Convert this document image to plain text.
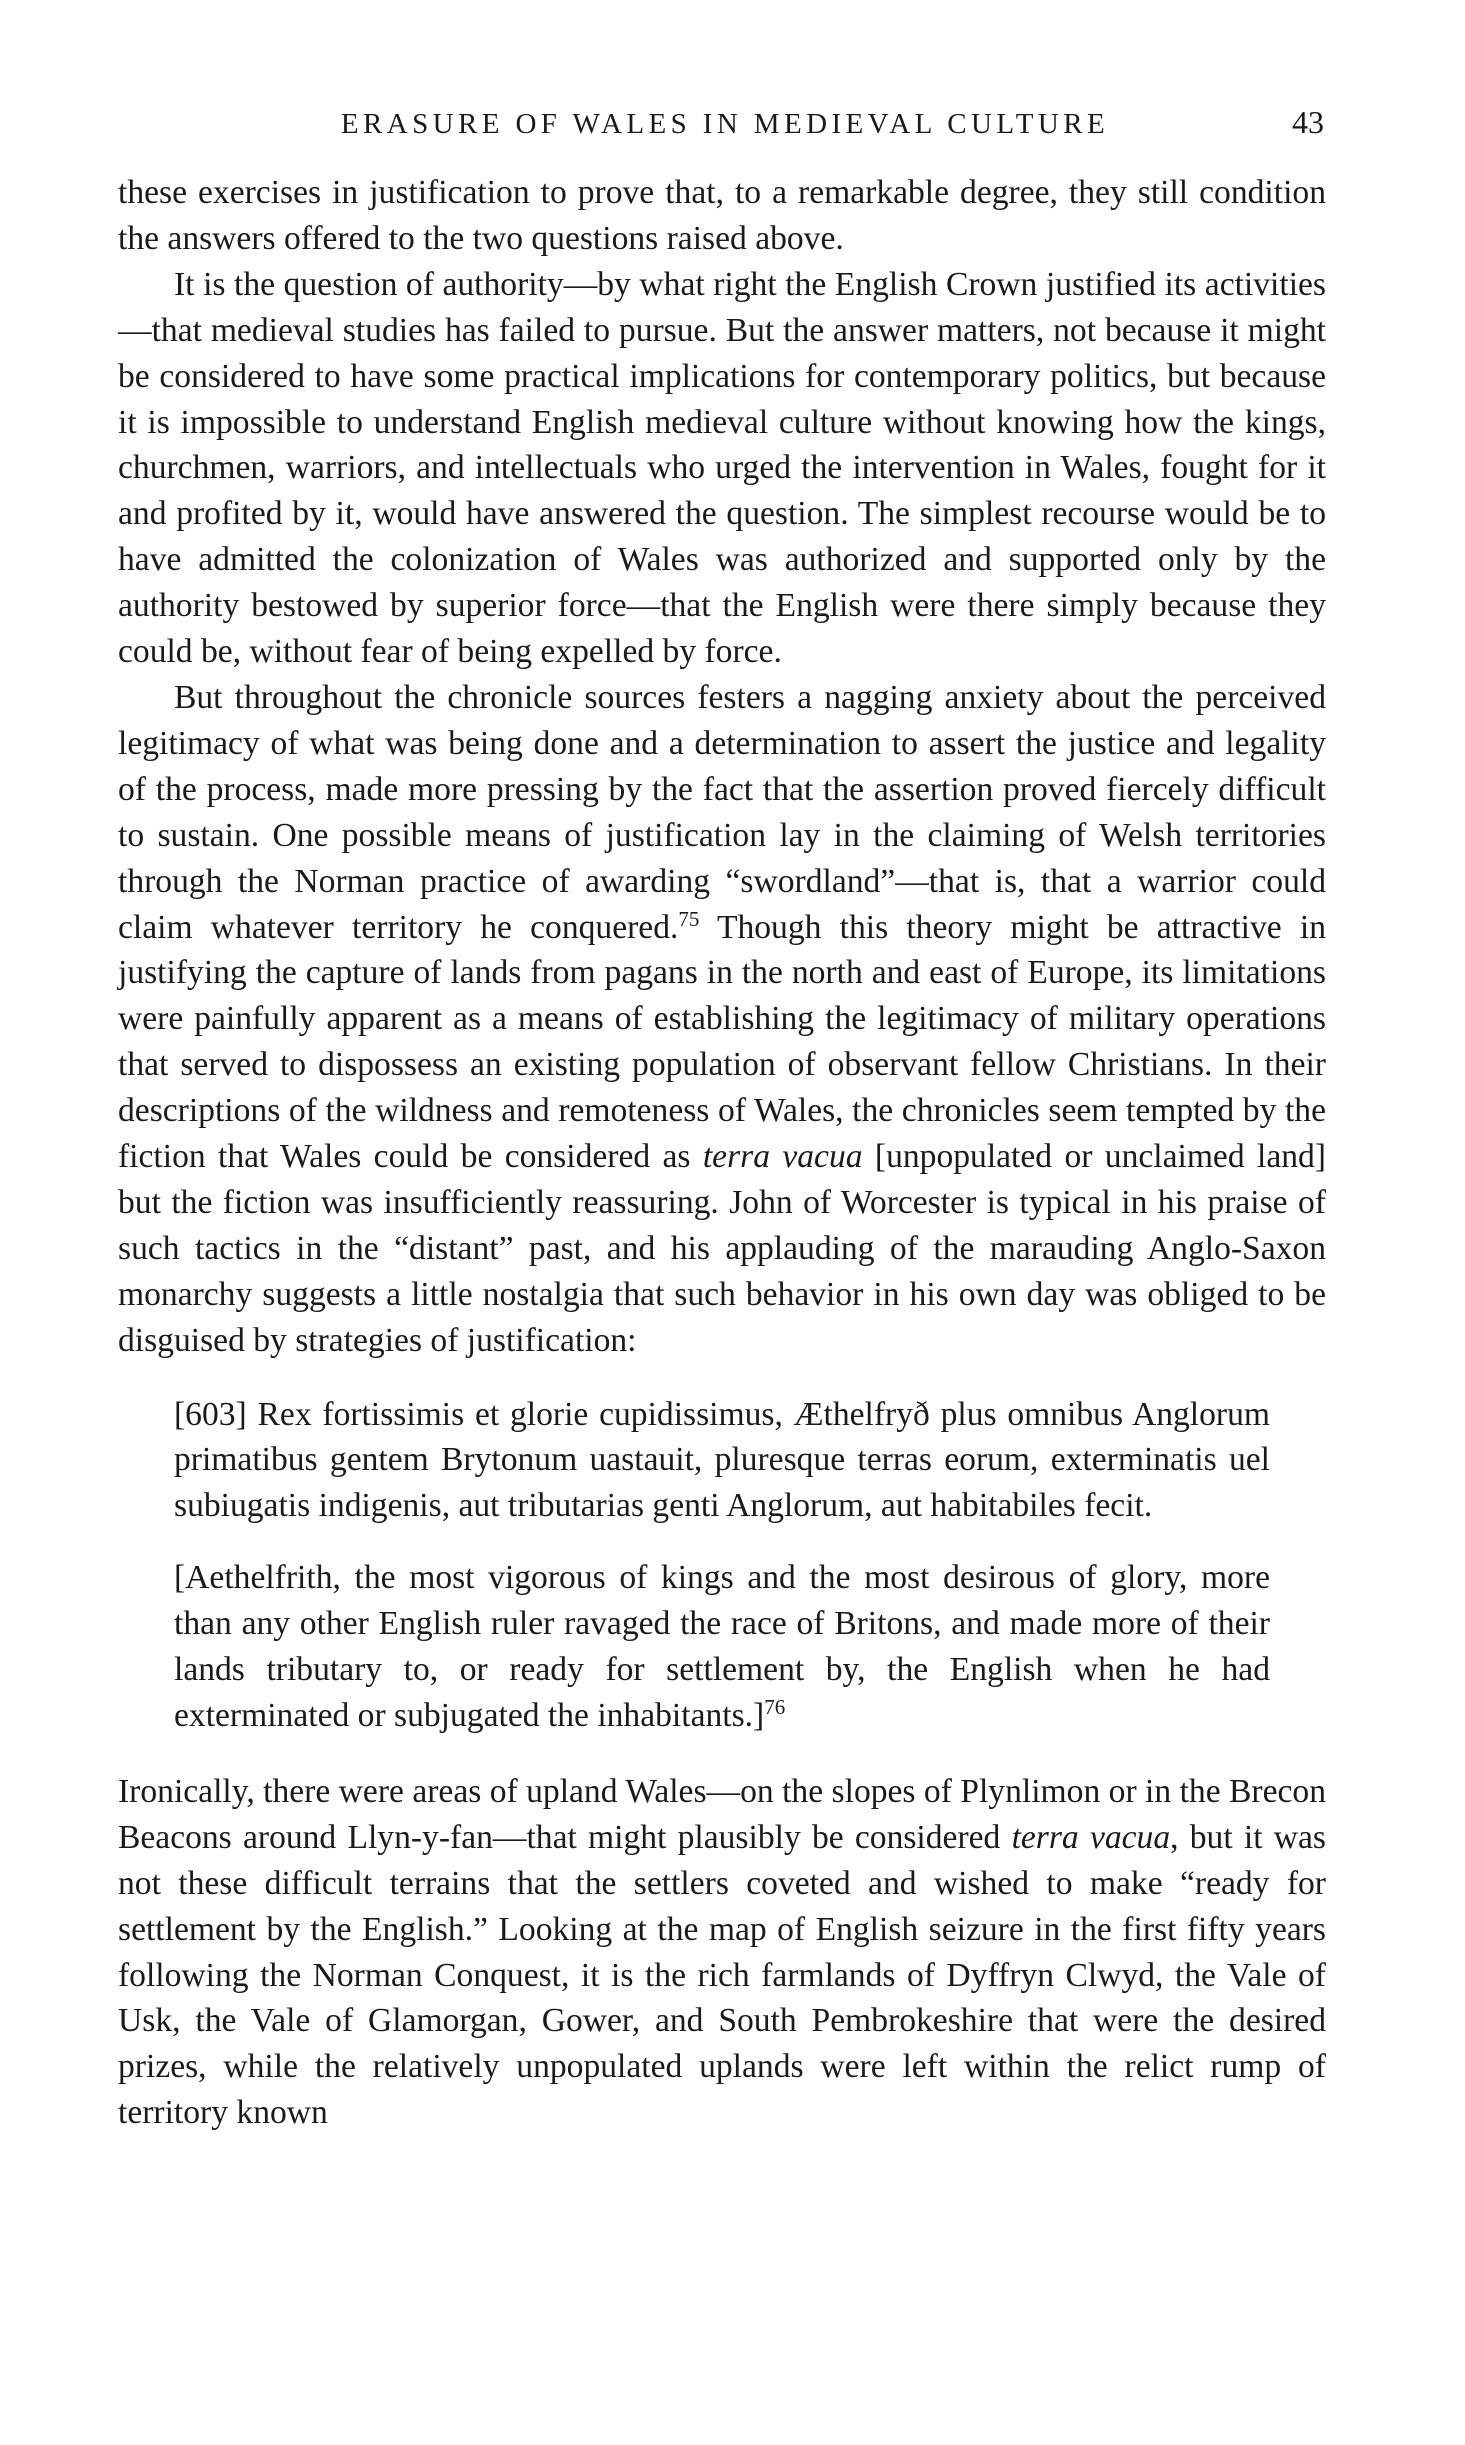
ERASURE OF WALES IN MEDIEVAL CULTURE	43

these exercises in justification to prove that, to a remarkable degree, they still condition the answers offered to the two questions raised above.

It is the question of authority—by what right the English Crown justified its activities—that medieval studies has failed to pursue. But the answer matters, not because it might be considered to have some practical implications for contemporary politics, but because it is impossible to understand English medieval culture without knowing how the kings, churchmen, warriors, and intellectuals who urged the intervention in Wales, fought for it and profited by it, would have answered the question. The simplest recourse would be to have admitted the colonization of Wales was authorized and supported only by the authority bestowed by superior force—that the English were there simply because they could be, without fear of being expelled by force.

But throughout the chronicle sources festers a nagging anxiety about the perceived legitimacy of what was being done and a determination to assert the justice and legality of the process, made more pressing by the fact that the assertion proved fiercely difficult to sustain. One possible means of justification lay in the claiming of Welsh territories through the Norman practice of awarding “swordland”—that is, that a warrior could claim whatever territory he conquered.$^{75}$ Though this theory might be attractive in justifying the capture of lands from pagans in the north and east of Europe, its limitations were painfully apparent as a means of establishing the legitimacy of military operations that served to dispossess an existing population of observant fellow Christians. In their descriptions of the wildness and remoteness of Wales, the chronicles seem tempted by the fiction that Wales could be considered as terra vacua [unpopulated or unclaimed land] but the fiction was insufficiently reassuring. John of Worcester is typical in his praise of such tactics in the “distant” past, and his applauding of the marauding Anglo-Saxon monarchy suggests a little nostalgia that such behavior in his own day was obliged to be disguised by strategies of justification:

[603] Rex fortissimis et glorie cupidissimus, Æthelfryð plus omnibus Anglorum primatibus gentem Brytonum uastauit, pluresque terras eorum, exterminatis uel subiugatis indigenis, aut tributarias genti Anglorum, aut habitabiles fecit.
[Aethelfrith, the most vigorous of kings and the most desirous of glory, more than any other English ruler ravaged the race of Britons, and made more of their lands tributary to, or ready for settlement by, the English when he had exterminated or subjugated the inhabitants.]$^{76}$

Ironically, there were areas of upland Wales—on the slopes of Plynlimon or in the Brecon Beacons around Llyn-y-fan—that might plausibly be considered terra vacua, but it was not these difficult terrains that the settlers coveted and wished to make “ready for settlement by the English.” Looking at the map of English seizure in the first fifty years following the Norman Conquest, it is the rich farmlands of Dyffryn Clwyd, the Vale of Usk, the Vale of Glamorgan, Gower, and South Pembrokeshire that were the desired prizes, while the relatively unpopulated uplands were left within the relict rump of territory known
